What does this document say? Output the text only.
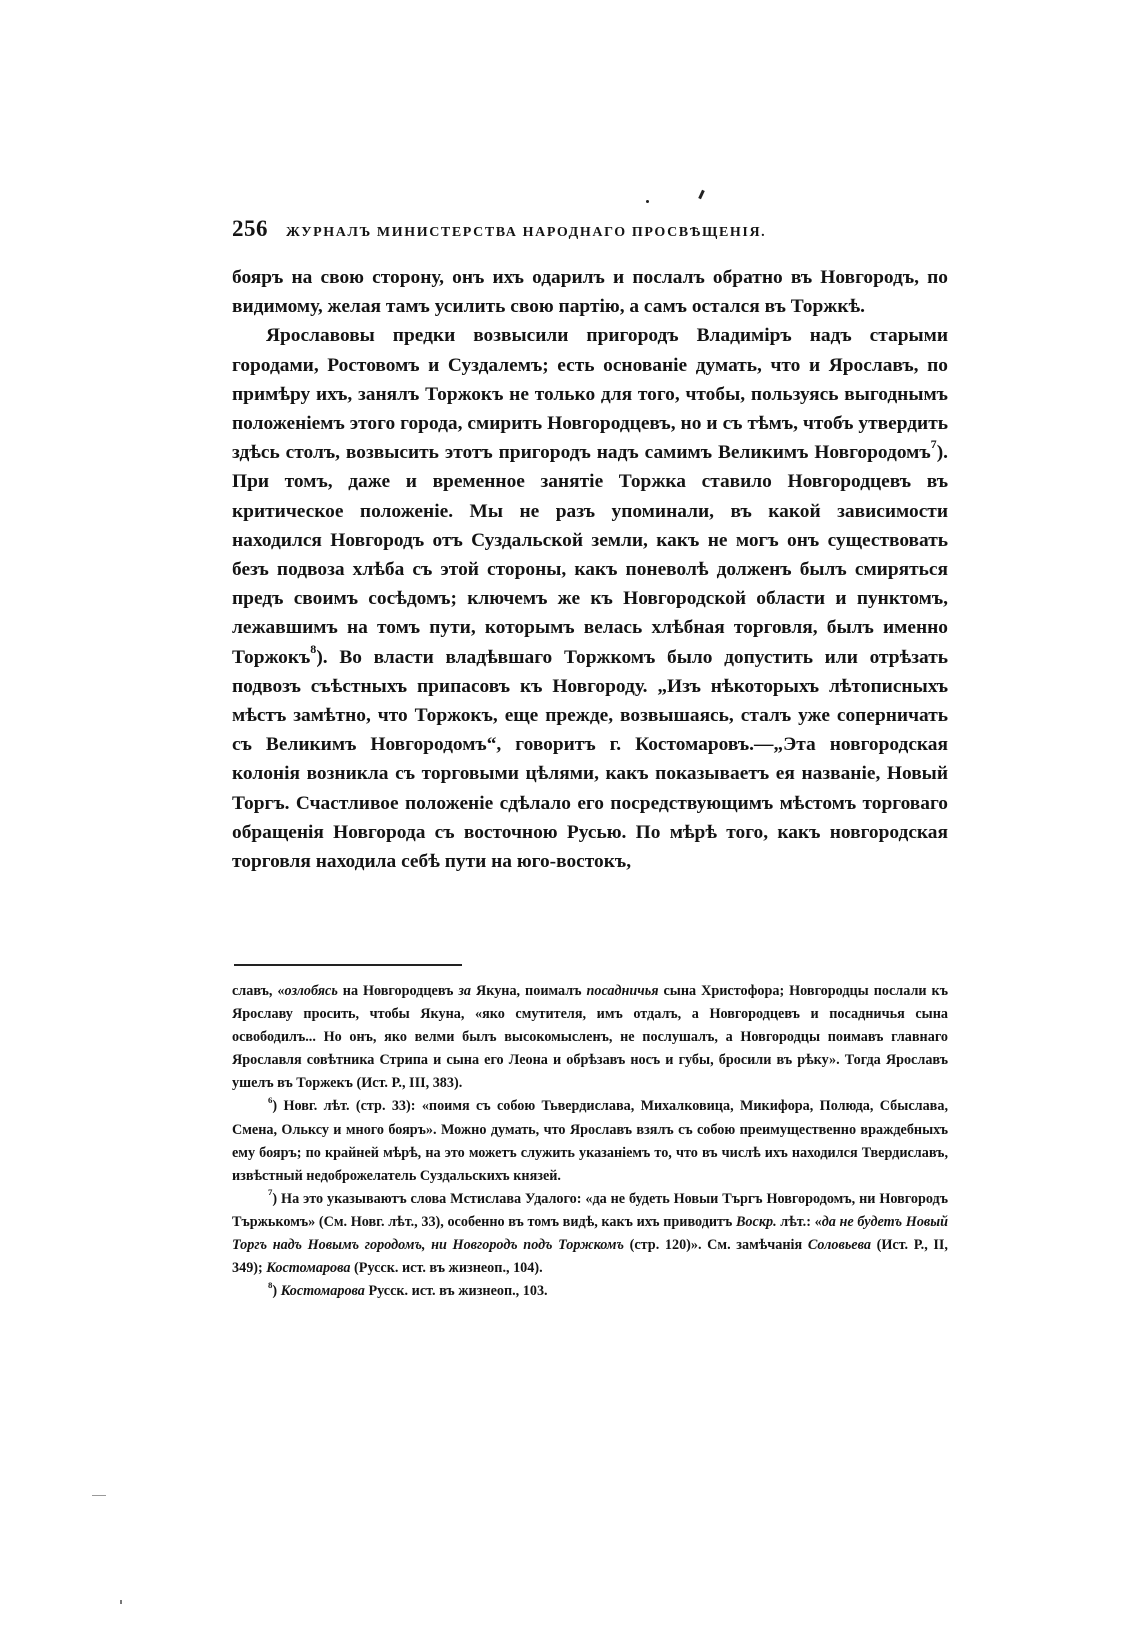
256 ЖУРНАЛЪ МИНИСТЕРСТВА НАРОДНАГО ПРОСВѢЩЕНІЯ.

бояръ на свою сторону, онъ ихъ одарилъ и послалъ обратно въ Новгородъ, по видимому, желая тамъ усилить свою партію, а самъ остался въ Торжкѣ.

Ярославовы предки возвысили пригородъ Владиміръ надъ старыми городами, Ростовомъ и Суздалемъ; есть основаніе думать, что и Ярославъ, по примѣру ихъ, занялъ Торжокъ не только для того, чтобы, пользуясь выгоднымъ положеніемъ этого города, смирить Новгородцевъ, но и съ тѣмъ, чтобъ утвердить здѣсь столъ, возвысить этотъ пригородъ надъ самимъ Великимъ Новгородомъ$^7$). При томъ, даже и временное занятіе Торжка ставило Новгородцевъ въ критическое положеніе. Мы не разъ упоминали, въ какой зависимости находился Новгородъ отъ Суздальской земли, какъ не могъ онъ существовать безъ подвоза хлѣба съ этой стороны, какъ поневолѣ долженъ былъ смиряться предъ своимъ сосѣдомъ; ключемъ же къ Новгородской области и пунктомъ, лежавшимъ на томъ пути, которымъ велась хлѣбная торговля, былъ именно Торжокъ$^8$). Во власти владѣвшаго Торжкомъ было допустить или отрѣзать подвозъ съѣстныхъ припасовъ къ Новгороду. „Изъ нѣкоторыхъ лѣтописныхъ мѣстъ замѣтно, что Торжокъ, еще прежде, возвышаясь, сталъ уже соперничать съ Великимъ Новгородомъ“, говоритъ г. Костомаровъ.—„Эта новгородская колонія возникла съ торговыми цѣлями, какъ показываетъ ея названіе, Новый Торгъ. Счастливое положеніе сдѣлало его посредствующимъ мѣстомъ торговаго обращенія Новгорода съ восточною Русью. По мѣрѣ того, какъ новгородская торговля находила себѣ пути на юго-востокъ,

славъ, «озлобясь на Новгородцевъ за Якуна, поималъ посадничья сына Христофора; Новгородцы послали къ Ярославу просить, чтобы Якуна, «яко смутителя, имъ отдалъ, а Новгородцевъ и посадничья сына освободилъ... Но онъ, яко велми былъ высокомысленъ, не послушалъ, а Новгородцы поимавъ главнаго Ярославля совѣтника Стрипа и сына его Леона и обрѣзавъ носъ и губы, бросили въ рѣку». Тогда Ярославъ ушелъ въ Торжекъ (Ист. Р., III, 383).

$^6$) Новг. лѣт. (стр. 33): «поимя съ собою Тьвердислава, Михалковица, Микифора, Полюда, Сбыслава, Смена, Ольксу и много бояръ». Можно думать, что Ярославъ взялъ съ собою преимущественно враждебныхъ ему бояръ; по крайней мѣрѣ, на это можетъ служить указаніемъ то, что въ числѣ ихъ находился Твердиславъ, извѣстный недоброжелатель Суздальскихъ князей.

$^7$) На это указываютъ слова Мстислава Удалого: «да не будеть Новыи Търгъ Новгородомъ, ни Новгородъ Тържькомъ» (См. Новг. лѣт., 33), особенно въ томъ видѣ, какъ ихъ приводитъ Воскр. лѣт.: «да не будетъ Новый Торгъ надъ Новымъ городомъ, ни Новгородъ подъ Торжкомъ (стр. 120)». См. замѣчанія Соловьева (Ист. Р., II, 349); Костомарова (Русск. ист. въ жизнеоп., 104).

$^8$) Костомарова Русск. ист. въ жизнеоп., 103.
